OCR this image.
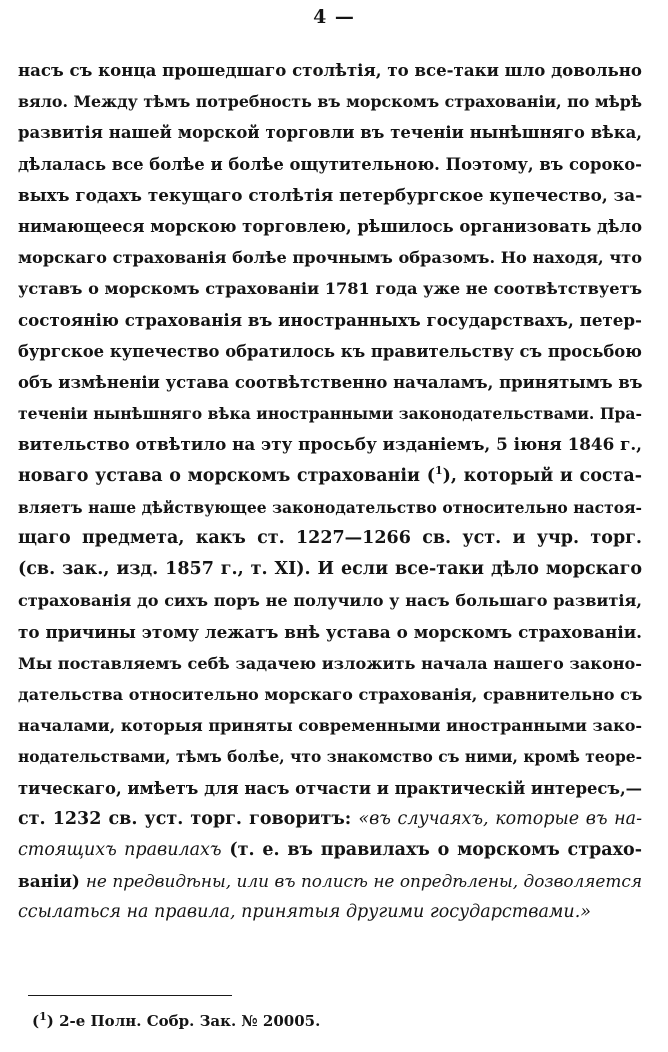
4 —
насъ съ конца прошедшаго столѣтія, то все-таки шло довольно
вяло. Между тѣмъ потребность въ морскомъ страхованіи, по мѣрѣ
развитія нашей морской торговли въ теченіи нынѣшняго вѣка,
дѣлалась все болѣе и болѣе ощутительною. Поэтому, въ сороко-
выхъ годахъ текущаго столѣтія петербургское купечество, за-
нимающееся морскою торговлею, рѣшилось организовать дѣло
морскаго страхованія болѣе прочнымъ образомъ. Но находя, что
уставъ о морскомъ страхованіи 1781 года уже не соотвѣтствуетъ
состоянію страхованія въ иностранныхъ государствахъ, петер-
бургское купечество обратилось къ правительству съ просьбою
объ измѣненіи устава соотвѣтственно началамъ, принятымъ въ
теченіи нынѣшняго вѣка иностранными законодательствами. Пра-
вительство отвѣтило на эту просьбу изданіемъ, 5 іюня 1846 г.,
новаго устава о морскомъ страхованіи ($^1$), который и соста-
вляетъ наше дѣйствующее законодательство относительно настоя-
щаго предмета, какъ ст. 1227—1266 св. уст. и учр. торг.
(св. зак., изд. 1857 г., т. XI). И если все-таки дѣло морскаго
страхованія до сихъ поръ не получило у насъ большаго развитія,
то причины этому лежатъ внѣ устава о морскомъ страхованіи.
Мы поставляемъ себѣ задачею изложить начала нашего законо-
дательства относительно морскаго страхованія, сравнительно съ
началами, которыя приняты современными иностранными зако-
нодательствами, тѣмъ болѣе, что знакомство съ ними, кромѣ теоре-
тическаго, имѣетъ для насъ отчасти и практическій интересъ,—
ст. 1232 св. уст. торг. говоритъ: «въ случаяхъ, которые въ на-
стоящихъ правилахъ (т. е. въ правилахъ о морскомъ страхо-
ваніи) не предвидѣны, или въ полисѣ не опредѣлены, дозволяется
ссылаться на правила, принятыя другими государствами.»
($^1$) 2-е Полн. Собр. Зак. № 20005.
